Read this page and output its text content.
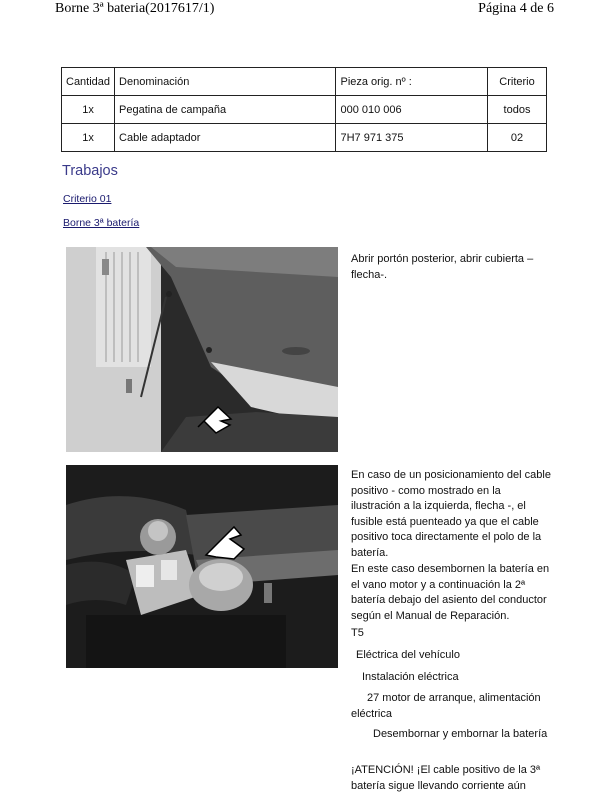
Borne 3ª bateria(2017617/1)	Página 4 de 6
Cantidad	Denominación	Pieza orig. nº :	Criterio
1x	Pegatina de campaña	000 010 006	todos
1x	Cable adaptador	7H7 971 375	02
Trabajos
Criterio 01
Borne 3ª batería
Abrir portón posterior, abrir cubierta –flecha-.
En caso de un posicionamiento del cable positivo - como mostrado en la ilustración a la izquierda, flecha -, el fusible está puenteado ya que el cable positivo toca directamente el polo de la batería.
En este caso desembornen la batería en el vano motor y a continuación la 2ª batería debajo del asiento del conductor según el Manual de Reparación.
T5
Eléctrica del vehículo
Instalación eléctrica
27 motor de arranque, alimentación eléctrica
Desembornar y embornar la batería
¡ATENCIÓN! ¡El cable positivo de la 3ª batería sigue llevando corriente aún
